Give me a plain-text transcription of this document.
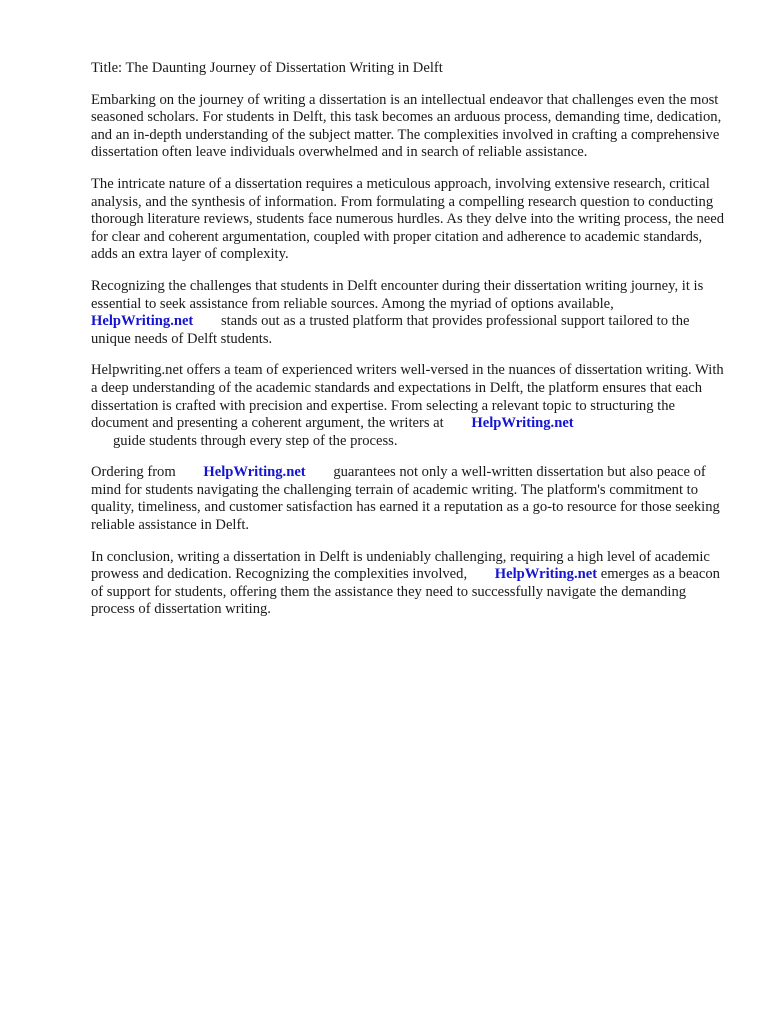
Title: The Daunting Journey of Dissertation Writing in Delft

Embarking on the journey of writing a dissertation is an intellectual endeavor that challenges even the most seasoned scholars. For students in Delft, this task becomes an arduous process, demanding time, dedication, and an in-depth understanding of the subject matter. The complexities involved in crafting a comprehensive dissertation often leave individuals overwhelmed and in search of reliable assistance.

The intricate nature of a dissertation requires a meticulous approach, involving extensive research, critical analysis, and the synthesis of information. From formulating a compelling research question to conducting thorough literature reviews, students face numerous hurdles. As they delve into the writing process, the need for clear and coherent argumentation, coupled with proper citation and adherence to academic standards, adds an extra layer of complexity.

Recognizing the challenges that students in Delft encounter during their dissertation writing journey, it is essential to seek assistance from reliable sources. Among the myriad of options available,
HelpWriting.net stands out as a trusted platform that provides professional support tailored to the unique needs of Delft students.

Helpwriting.net offers a team of experienced writers well-versed in the nuances of dissertation writing. With a deep understanding of the academic standards and expectations in Delft, the platform ensures that each dissertation is crafted with precision and expertise. From selecting a relevant topic to structuring the document and presenting a coherent argument, the writers at HelpWriting.net
guide students through every step of the process.

Ordering from HelpWriting.net guarantees not only a well-written dissertation but also peace of mind for students navigating the challenging terrain of academic writing. The platform's commitment to quality, timeliness, and customer satisfaction has earned it a reputation as a go-to resource for those seeking reliable assistance in Delft.

In conclusion, writing a dissertation in Delft is undeniably challenging, requiring a high level of academic prowess and dedication. Recognizing the complexities involved, HelpWriting.net emerges as a beacon of support for students, offering them the assistance they need to successfully navigate the demanding process of dissertation writing.
